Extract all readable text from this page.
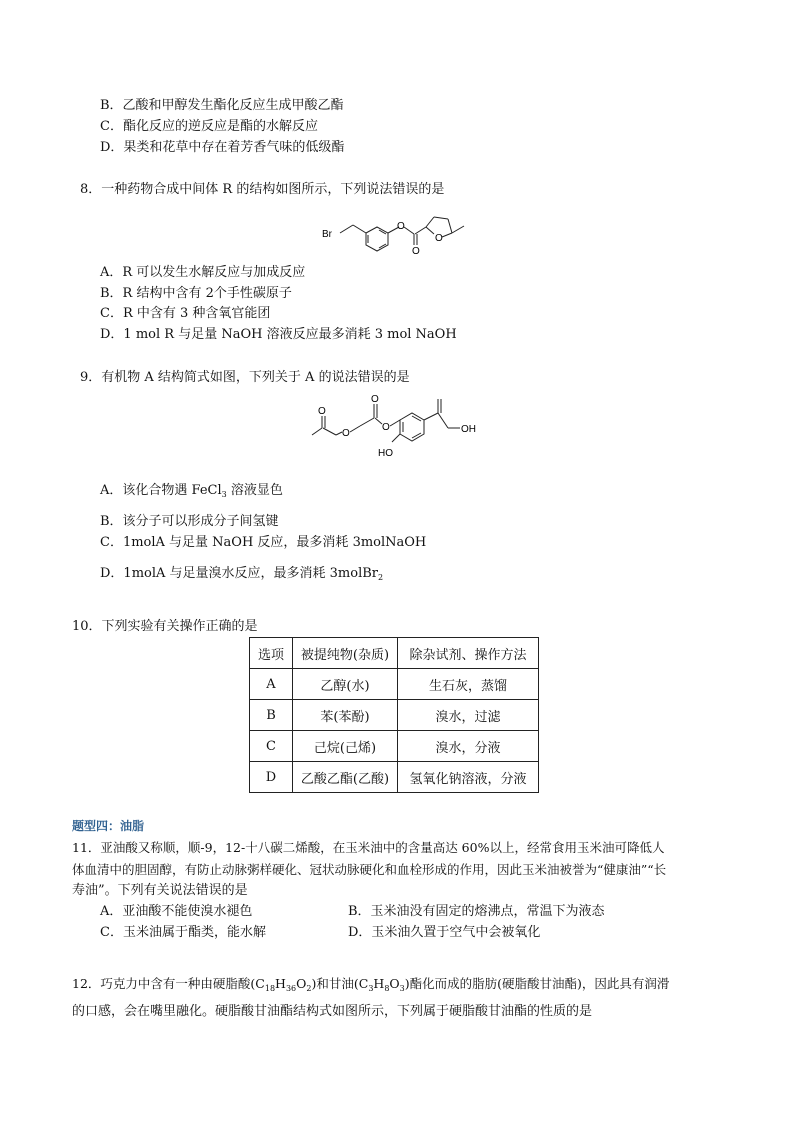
B．乙酸和甲醇发生酯化反应生成甲酸乙酯
C．酯化反应的逆反应是酯的水解反应
D．果类和花草中存在着芳香气味的低级酯
8．一种药物合成中间体 R 的结构如图所示，下列说法错误的是
Br
O
O
O
A．R 可以发生水解反应与加成反应
B．R 结构中含有 2个手性碳原子
C．R 中含有 3 种含氧官能团
D．1 mol R 与足量 NaOH 溶液反应最多消耗 3 mol NaOH
9．有机物 A 结构简式如图，下列关于 A 的说法错误的是
O
O
O
O	OH
HO
A．该化合物遇 FeCl$_3$ 溶液显色
B．该分子可以形成分子间氢键
C．1molA 与足量 NaOH 反应，最多消耗 3molNaOH
D．1molA 与足量溴水反应，最多消耗 3molBr$_2$
10．下列实验有关操作正确的是
选项	被提纯物(杂质)	除杂试剂、操作方法
A	乙醇(水)	生石灰，蒸馏
B	苯(苯酚)	溴水，过滤
C	己烷(己烯)	溴水，分液
D	乙酸乙酯(乙酸)	氢氧化钠溶液，分液
题型四：油脂
11．亚油酸又称顺，顺-9，12-十八碳二烯酸，在玉米油中的含量高达 60%以上，经常食用玉米油可降低人
体血清中的胆固醇，有防止动脉粥样硬化、冠状动脉硬化和血栓形成的作用，因此玉米油被誉为“健康油”“长
寿油”。下列有关说法错误的是
A．亚油酸不能使溴水褪色	B．玉米油没有固定的熔沸点，常温下为液态
C．玉米油属于酯类，能水解	D．玉米油久置于空气中会被氧化
12．巧克力中含有一种由硬脂酸$(C_{18}H_{36}O_2)$和甘油$(C_3H_8O_3)$酯化而成的脂肪(硬脂酸甘油酯)，因此具有润滑
的口感，会在嘴里融化。硬脂酸甘油酯结构式如图所示，下列属于硬脂酸甘油酯的性质的是
